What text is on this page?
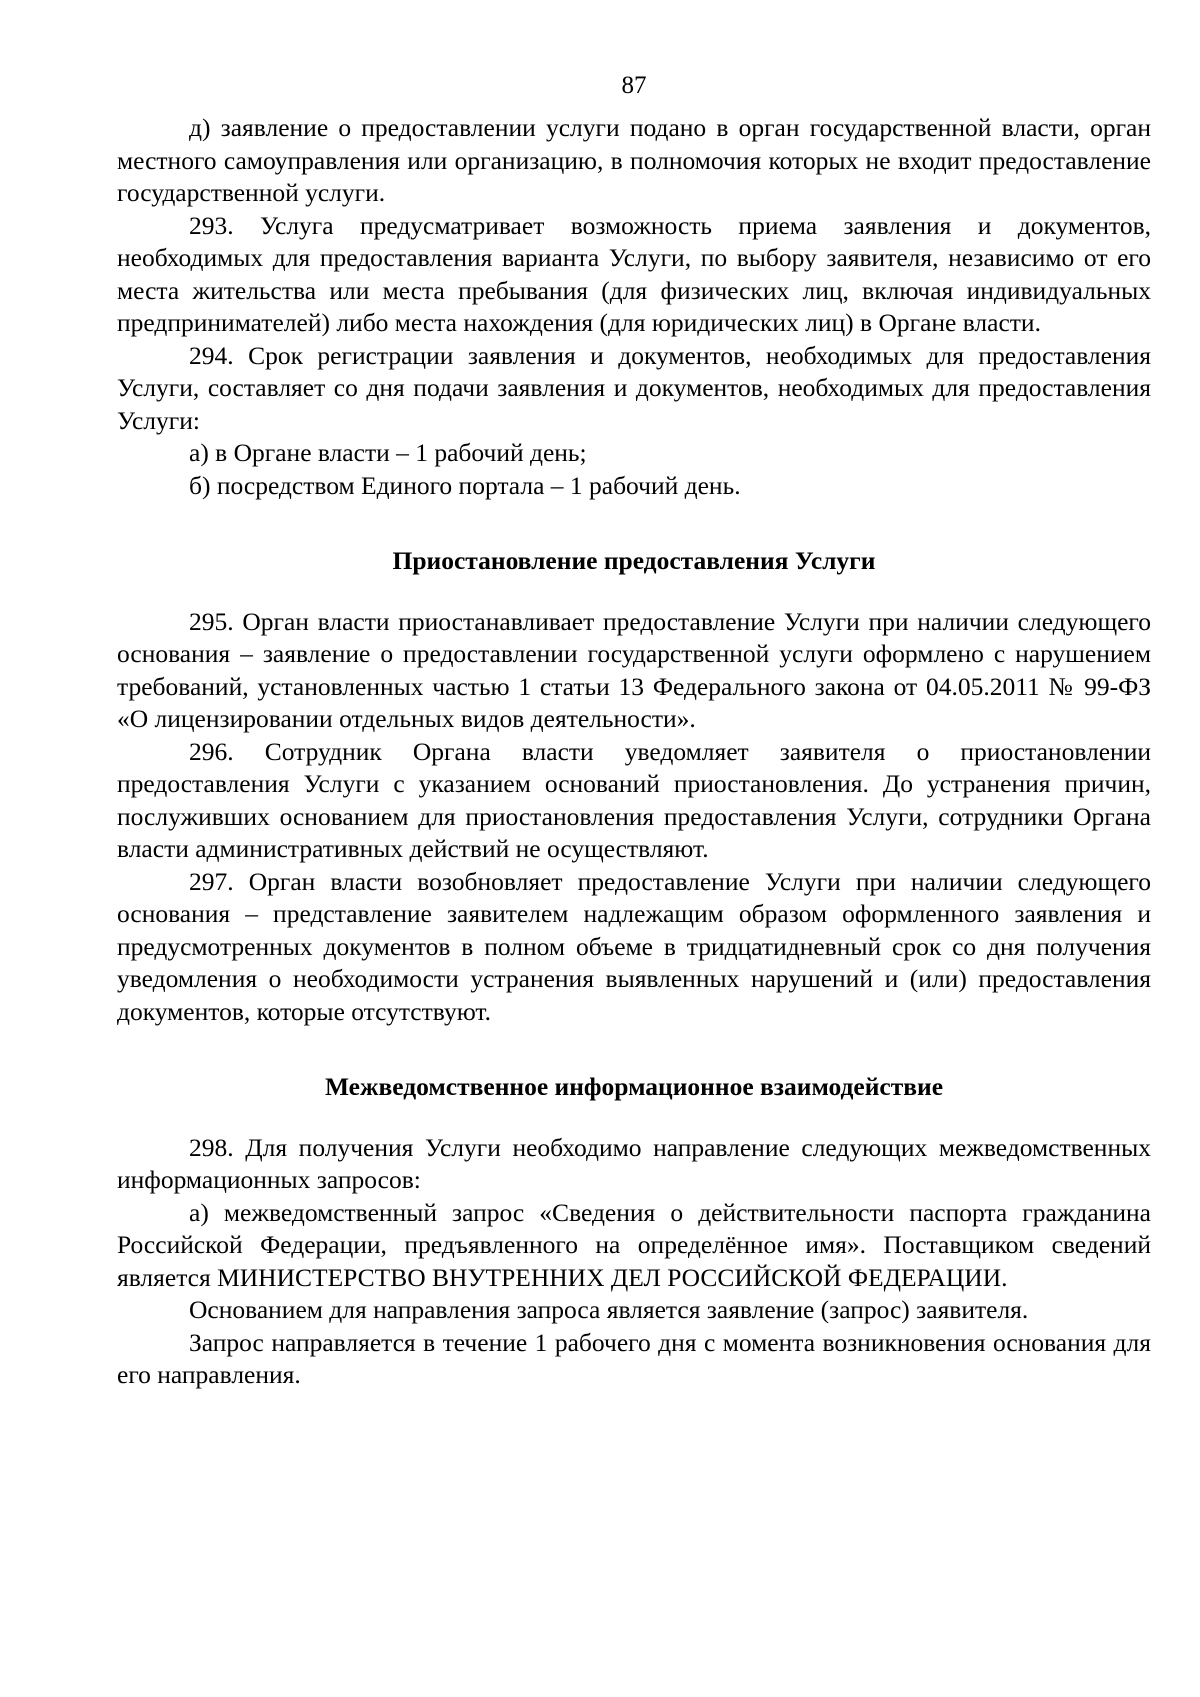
87

д) заявление о предоставлении услуги подано в орган государственной власти, орган местного самоуправления или организацию, в полномочия которых не входит предоставление государственной услуги.

293. Услуга предусматривает возможность приема заявления и документов, необходимых для предоставления варианта Услуги, по выбору заявителя, независимо от его места жительства или места пребывания (для физических лиц, включая индивидуальных предпринимателей) либо места нахождения (для юридических лиц) в Органе власти.

294. Срок регистрации заявления и документов, необходимых для предоставления Услуги, составляет со дня подачи заявления и документов, необходимых для предоставления Услуги:

а) в Органе власти – 1 рабочий день;

б) посредством Единого портала – 1 рабочий день.

Приостановление предоставления Услуги

295. Орган власти приостанавливает предоставление Услуги при наличии следующего основания – заявление о предоставлении государственной услуги оформлено с нарушением требований, установленных частью 1 статьи 13 Федерального закона от 04.05.2011 № 99-ФЗ «О лицензировании отдельных видов деятельности».

296. Сотрудник Органа власти уведомляет заявителя о приостановлении предоставления Услуги с указанием оснований приостановления. До устранения причин, послуживших основанием для приостановления предоставления Услуги, сотрудники Органа власти административных действий не осуществляют.

297. Орган власти возобновляет предоставление Услуги при наличии следующего основания – представление заявителем надлежащим образом оформленного заявления и предусмотренных документов в полном объеме в тридцатидневный срок со дня получения уведомления о необходимости устранения выявленных нарушений и (или) предоставления документов, которые отсутствуют.

Межведомственное информационное взаимодействие

298. Для получения Услуги необходимо направление следующих межведомственных информационных запросов:

а) межведомственный запрос «Сведения о действительности паспорта гражданина Российской Федерации, предъявленного на определённое имя». Поставщиком сведений является МИНИСТЕРСТВО ВНУТРЕННИХ ДЕЛ РОССИЙСКОЙ ФЕДЕРАЦИИ.

Основанием для направления запроса является заявление (запрос) заявителя.

Запрос направляется в течение 1 рабочего дня с момента возникновения основания для его направления.
